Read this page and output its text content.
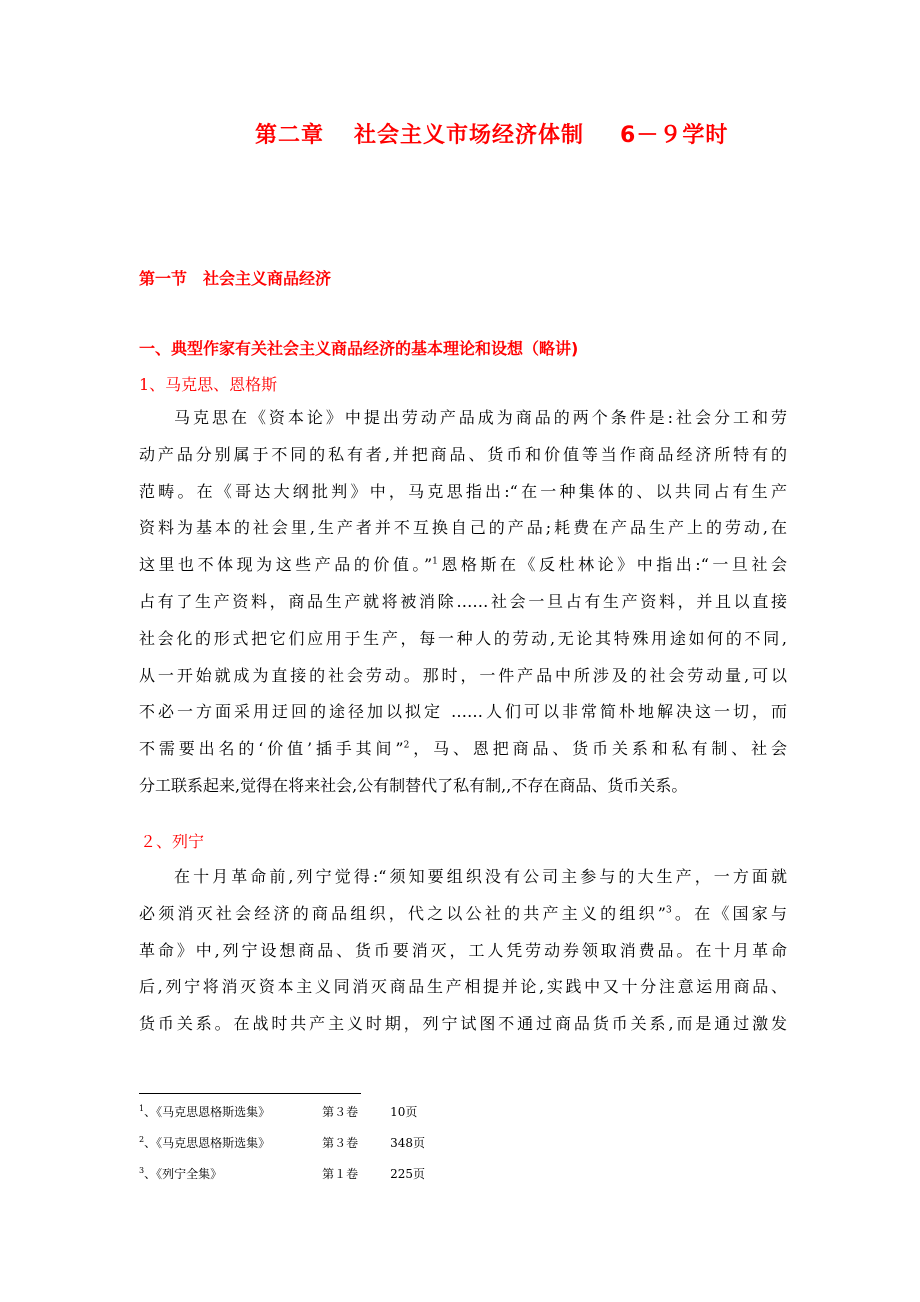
第二章 社会主义市场经济体制 6－９学时
第一节 社会主义商品经济
一、典型作家有关社会主义商品经济的基本理论和设想（略讲)
1、马克思、恩格斯
马克思在《资本论》中提出劳动产品成为商品的两个条件是:社会分工和劳
动产品分别属于不同的私有者,并把商品、货币和价值等当作商品经济所特有的
范畴。在《哥达大纲批判》中，马克思指出:“在一种集体的、以共同占有生产
资料为基本的社会里,生产者并不互换自己的产品;耗费在产品生产上的劳动,在
这里也不体现为这些产品的价值。”$^1$恩格斯在《反杜林论》中指出:“一旦社会
占有了生产资料，商品生产就将被消除……社会一旦占有生产资料，并且以直接
社会化的形式把它们应用于生产，每一种人的劳动,无论其特殊用途如何的不同,
从一开始就成为直接的社会劳动。那时，一件产品中所涉及的社会劳动量,可以
不必一方面采用迂回的途径加以拟定 ……人们可以非常简朴地解决这一切，而
不需要出名的‘价值’插手其间”$^2$，马、恩把商品、货币关系和私有制、社会
分工联系起来,觉得在将来社会,公有制替代了私有制,,不存在商品、货币关系。
２、列宁
在十月革命前,列宁觉得:“须知要组织没有公司主参与的大生产，一方面就
必须消灭社会经济的商品组织，代之以公社的共产主义的组织”$^3$。在《国家与
革命》中,列宁设想商品、货币要消灭，工人凭劳动券领取消费品。在十月革命
后,列宁将消灭资本主义同消灭商品生产相提并论,实践中又十分注意运用商品、
货币关系。在战时共产主义时期，列宁试图不通过商品货币关系,而是通过激发
$^1$、《马克思恩格斯选集》	第３卷	10页
$^2$、《马克思恩格斯选集》	第３卷	348页
$^3$、《列宁全集》	第１卷	225页
